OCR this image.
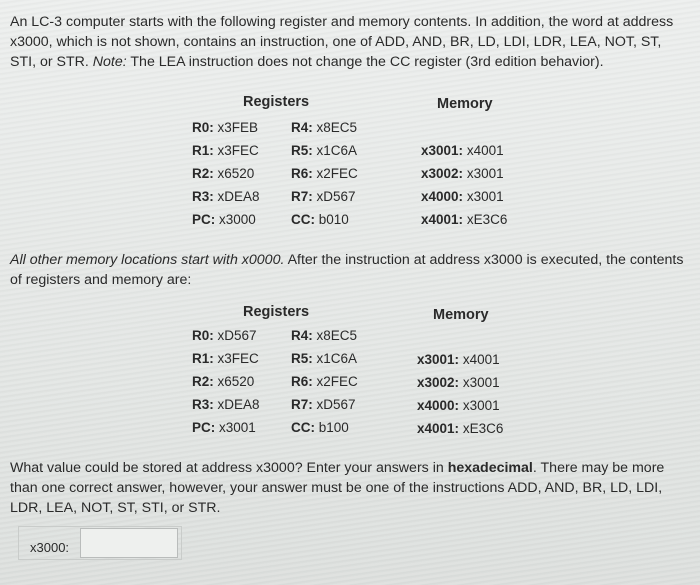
An LC-3 computer starts with the following register and memory contents. In addition, the word at address x3000, which is not shown, contains an instruction, one of ADD, AND, BR, LD, LDI, LDR, LEA, NOT, ST, STI, or STR. Note: The LEA instruction does not change the CC register (3rd edition behavior).

Registers	Memory
R0: x3FEB
R1: x3FEC
R2: x6520
R3: xDEA8
PC: x3000
R4: x8EC5
R5: x1C6A
R6: x2FEC
R7: xD567
CC: b010
x3001: x4001
x3002: x3001
x4000: x3001
x4001: xE3C6

All other memory locations start with x0000. After the instruction at address x3000 is executed, the contents of registers and memory are:

Registers	Memory
R0: xD567
R1: x3FEC
R2: x6520
R3: xDEA8
PC: x3001
R4: x8EC5
R5: x1C6A
R6: x2FEC
R7: xD567
CC: b100
x3001: x4001
x3002: x3001
x4000: x3001
x4001: xE3C6

What value could be stored at address x3000? Enter your answers in hexadecimal. There may be more than one correct answer, however, your answer must be one of the instructions ADD, AND, BR, LD, LDI, LDR, LEA, NOT, ST, STI, or STR.

x3000:
